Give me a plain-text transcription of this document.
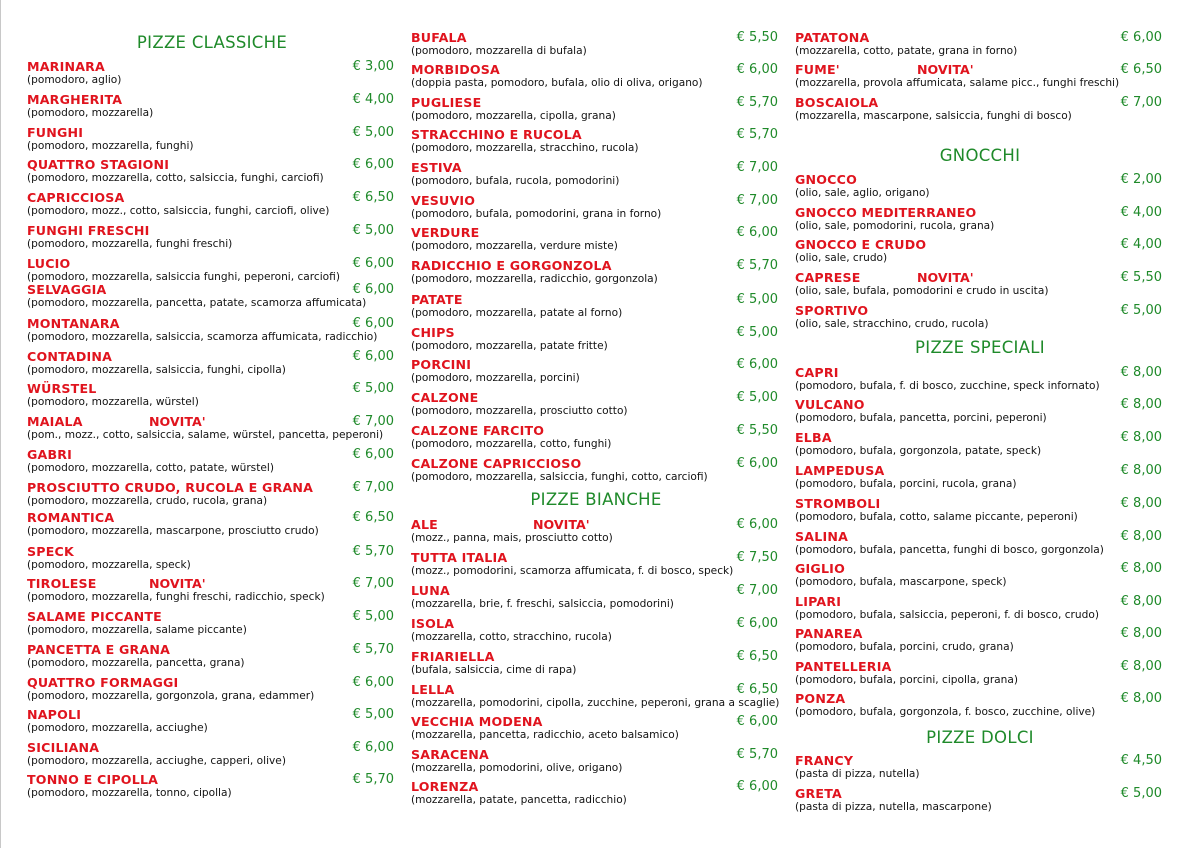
PIZZE CLASSICHE
MARINARA	€ 3,00
(pomodoro, aglio)
MARGHERITA	€ 4,00
(pomodoro, mozzarella)
FUNGHI	€ 5,00
(pomodoro, mozzarella, funghi)
QUATTRO STAGIONI	€ 6,00
(pomodoro, mozzarella, cotto, salsiccia, funghi, carciofi)
CAPRICCIOSA	€ 6,50
(pomodoro, mozz., cotto, salsiccia, funghi, carciofi, olive)
FUNGHI FRESCHI	€ 5,00
(pomodoro, mozzarella, funghi freschi)
LUCIO	€ 6,00
(pomodoro, mozzarella, salsiccia funghi, peperoni, carciofi)
SELVAGGIA	€ 6,00
(pomodoro, mozzarella, pancetta, patate, scamorza affumicata)
MONTANARA	€ 6,00
(pomodoro, mozzarella, salsiccia, scamorza affumicata, radicchio)
CONTADINA	€ 6,00
(pomodoro, mozzarella, salsiccia, funghi, cipolla)
WÜRSTEL	€ 5,00
(pomodoro, mozzarella, würstel)
MAIALA	NOVITA'	€ 7,00
(pom., mozz., cotto, salsiccia, salame, würstel, pancetta, peperoni)
GABRI	€ 6,00
(pomodoro, mozzarella, cotto, patate, würstel)
PROSCIUTTO CRUDO, RUCOLA E GRANA	€ 7,00
(pomodoro, mozzarella, crudo, rucola, grana)
ROMANTICA	€ 6,50
(pomodoro, mozzarella, mascarpone, prosciutto crudo)
SPECK	€ 5,70
(pomodoro, mozzarella, speck)
TIROLESE	NOVITA'	€ 7,00
(pomodoro, mozzarella, funghi freschi, radicchio, speck)
SALAME PICCANTE	€ 5,00
(pomodoro, mozzarella, salame piccante)
PANCETTA E GRANA	€ 5,70
(pomodoro, mozzarella, pancetta, grana)
QUATTRO FORMAGGI	€ 6,00
(pomodoro, mozzarella, gorgonzola, grana, edammer)
NAPOLI	€ 5,00
(pomodoro, mozzarella, acciughe)
SICILIANA	€ 6,00
(pomodoro, mozzarella, acciughe, capperi, olive)
TONNO E CIPOLLA	€ 5,70
(pomodoro, mozzarella, tonno, cipolla)
BUFALA	€ 5,50
(pomodoro, mozzarella di bufala)
MORBIDOSA	€ 6,00
(doppia pasta, pomodoro, bufala, olio di oliva, origano)
PUGLIESE	€ 5,70
(pomodoro, mozzarella, cipolla, grana)
STRACCHINO E RUCOLA	€ 5,70
(pomodoro, mozzarella, stracchino, rucola)
ESTIVA	€ 7,00
(pomodoro, bufala, rucola, pomodorini)
VESUVIO	€ 7,00
(pomodoro, bufala, pomodorini, grana in forno)
VERDURE	€ 6,00
(pomodoro, mozzarella, verdure miste)
RADICCHIO E GORGONZOLA	€ 5,70
(pomodoro, mozzarella, radicchio, gorgonzola)
PATATE	€ 5,00
(pomodoro, mozzarella, patate al forno)
CHIPS	€ 5,00
(pomodoro, mozzarella, patate fritte)
PORCINI	€ 6,00
(pomodoro, mozzarella, porcini)
CALZONE	€ 5,00
(pomodoro, mozzarella, prosciutto cotto)
CALZONE FARCITO	€ 5,50
(pomodoro, mozzarella, cotto, funghi)
CALZONE CAPRICCIOSO	€ 6,00
(pomodoro, mozzarella, salsiccia, funghi, cotto, carciofi)
PIZZE BIANCHE
ALE	NOVITA'	€ 6,00
(mozz., panna, mais, prosciutto cotto)
TUTTA ITALIA	€ 7,50
(mozz., pomodorini, scamorza affumicata, f. di bosco, speck)
LUNA	€ 7,00
(mozzarella, brie, f. freschi, salsiccia, pomodorini)
ISOLA	€ 6,00
(mozzarella, cotto, stracchino, rucola)
FRIARIELLA	€ 6,50
(bufala, salsiccia, cime di rapa)
LELLA	€ 6,50
(mozzarella, pomodorini, cipolla, zucchine, peperoni, grana a scaglie)
VECCHIA MODENA	€ 6,00
(mozzarella, pancetta, radicchio, aceto balsamico)
SARACENA	€ 5,70
(mozzarella, pomodorini, olive, origano)
LORENZA	€ 6,00
(mozzarella, patate, pancetta, radicchio)
PATATONA	€ 6,00
(mozzarella, cotto, patate, grana in forno)
FUME'	NOVITA'	€ 6,50
(mozzarella, provola affumicata, salame picc., funghi freschi)
BOSCAIOLA	€ 7,00
(mozzarella, mascarpone, salsiccia, funghi di bosco)
GNOCCHI
GNOCCO	€ 2,00
(olio, sale, aglio, origano)
GNOCCO MEDITERRANEO	€ 4,00
(olio, sale, pomodorini, rucola, grana)
GNOCCO E CRUDO	€ 4,00
(olio, sale, crudo)
CAPRESE	NOVITA'	€ 5,50
(olio, sale, bufala, pomodorini e crudo in uscita)
SPORTIVO	€ 5,00
(olio, sale, stracchino, crudo, rucola)
PIZZE SPECIALI
CAPRI	€ 8,00
(pomodoro, bufala, f. di bosco, zucchine, speck infornato)
VULCANO	€ 8,00
(pomodoro, bufala, pancetta, porcini, peperoni)
ELBA	€ 8,00
(pomodoro, bufala, gorgonzola, patate, speck)
LAMPEDUSA	€ 8,00
(pomodoro, bufala, porcini, rucola, grana)
STROMBOLI	€ 8,00
(pomodoro, bufala, cotto, salame piccante, peperoni)
SALINA	€ 8,00
(pomodoro, bufala, pancetta, funghi di bosco, gorgonzola)
GIGLIO	€ 8,00
(pomodoro, bufala, mascarpone, speck)
LIPARI	€ 8,00
(pomodoro, bufala, salsiccia, peperoni, f. di bosco, crudo)
PANAREA	€ 8,00
(pomodoro, bufala, porcini, crudo, grana)
PANTELLERIA	€ 8,00
(pomodoro, bufala, porcini, cipolla, grana)
PONZA	€ 8,00
(pomodoro, bufala, gorgonzola, f. bosco, zucchine, olive)
PIZZE DOLCI
FRANCY	€ 4,50
(pasta di pizza, nutella)
GRETA	€ 5,00
(pasta di pizza, nutella, mascarpone)
